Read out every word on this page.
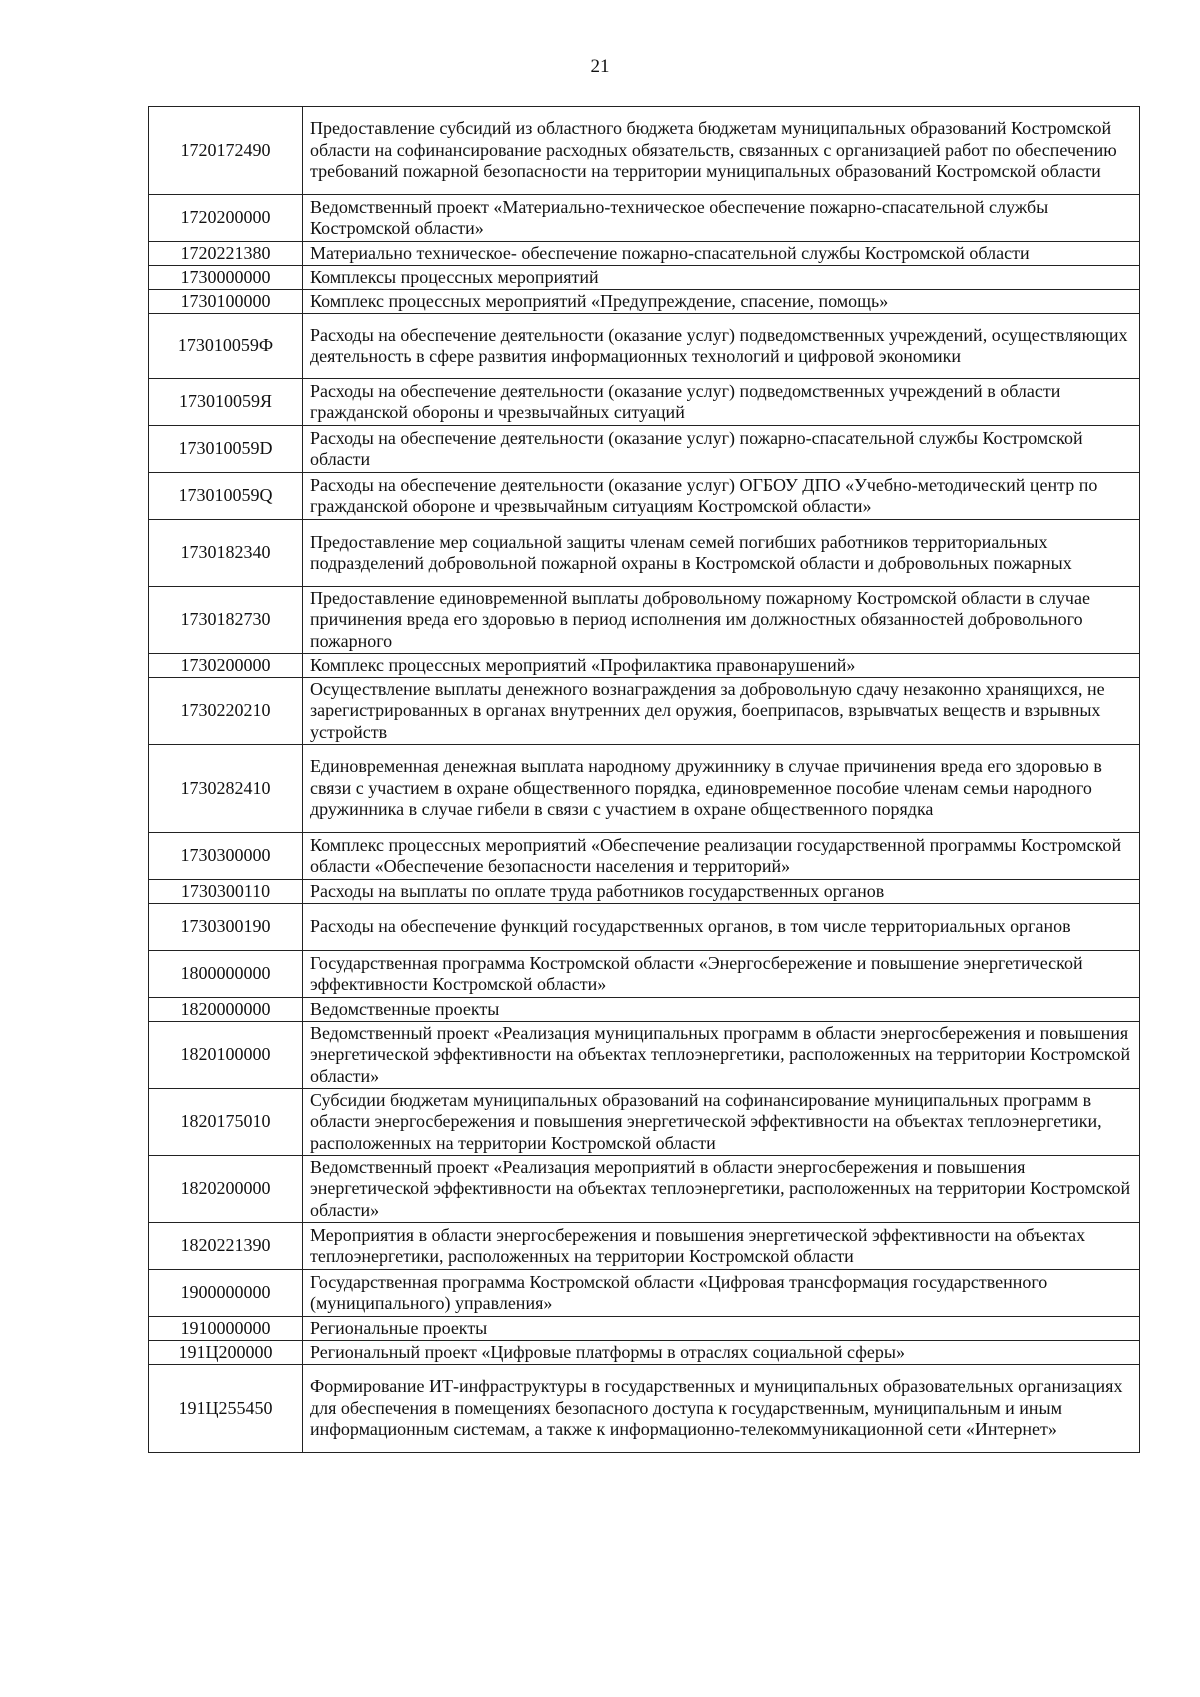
21
1720172490	Предоставление субсидий из областного бюджета бюджетам муниципальных образований Костромской области на софинансирование расходных обязательств, связанных с организацией работ по обеспечению требований пожарной безопасности на территории муниципальных образований Костромской области
1720200000	Ведомственный проект «Материально-техническое обеспечение пожарно-спасательной службы Костромской области»
1720221380	Материально техническое- обеспечение пожарно-спасательной службы Костромской области
1730000000	Комплексы процессных мероприятий
1730100000	Комплекс процессных мероприятий «Предупреждение, спасение, помощь»
173010059Ф	Расходы на обеспечение деятельности (оказание услуг) подведомственных учреждений, осуществляющих деятельность в сфере развития информационных технологий и цифровой экономики
173010059Я	Расходы на обеспечение деятельности (оказание услуг) подведомственных учреждений в области гражданской обороны и чрезвычайных ситуаций
173010059D	Расходы на обеспечение деятельности (оказание услуг) пожарно-спасательной службы Костромской области
173010059Q	Расходы на обеспечение деятельности (оказание услуг) ОГБОУ ДПО «Учебно-методический центр по гражданской обороне и чрезвычайным ситуациям Костромской области»
1730182340	Предоставление мер социальной защиты членам семей погибших работников территориальных подразделений добровольной пожарной охраны в Костромской области и добровольных пожарных
1730182730	Предоставление единовременной выплаты добровольному пожарному Костромской области в случае причинения вреда его здоровью в период исполнения им должностных обязанностей добровольного пожарного
1730200000	Комплекс процессных мероприятий «Профилактика правонарушений»
1730220210	Осуществление выплаты денежного вознаграждения за добровольную сдачу незаконно хранящихся, не зарегистрированных в органах внутренних дел оружия, боеприпасов, взрывчатых веществ и взрывных устройств
1730282410	Единовременная денежная выплата народному дружиннику в случае причинения вреда его здоровью в связи с участием в охране общественного порядка, единовременное пособие членам семьи народного дружинника в случае гибели в связи с участием в охране общественного порядка
1730300000	Комплекс процессных мероприятий «Обеспечение реализации государственной программы Костромской области «Обеспечение безопасности населения и территорий»
1730300110	Расходы на выплаты по оплате труда работников государственных органов
1730300190	Расходы на обеспечение функций государственных органов, в том числе территориальных органов
1800000000	Государственная программа Костромской области «Энергосбережение и повышение энергетической эффективности Костромской области»
1820000000	Ведомственные проекты
1820100000	Ведомственный проект «Реализация муниципальных программ в области энергосбережения и повышения энергетической эффективности на объектах теплоэнергетики, расположенных на территории Костромской области»
1820175010	Субсидии бюджетам муниципальных образований на софинансирование муниципальных программ в области энергосбережения и повышения энергетической эффективности на объектах теплоэнергетики, расположенных на территории Костромской области
1820200000	Ведомственный проект «Реализация мероприятий в области энергосбережения и повышения энергетической эффективности на объектах теплоэнергетики, расположенных на территории Костромской области»
1820221390	Мероприятия в области энергосбережения и повышения энергетической эффективности на объектах теплоэнергетики, расположенных на территории Костромской области
1900000000	Государственная программа Костромской области «Цифровая трансформация государственного (муниципального) управления»
1910000000	Региональные проекты
191Ц200000	Региональный проект «Цифровые платформы в отраслях социальной сферы»
191Ц255450	Формирование ИТ-инфраструктуры в государственных и муниципальных образовательных организациях для обеспечения в помещениях безопасного доступа к государственным, муниципальным и иным информационным системам, а также к информационно-телекоммуникационной сети «Интернет»
